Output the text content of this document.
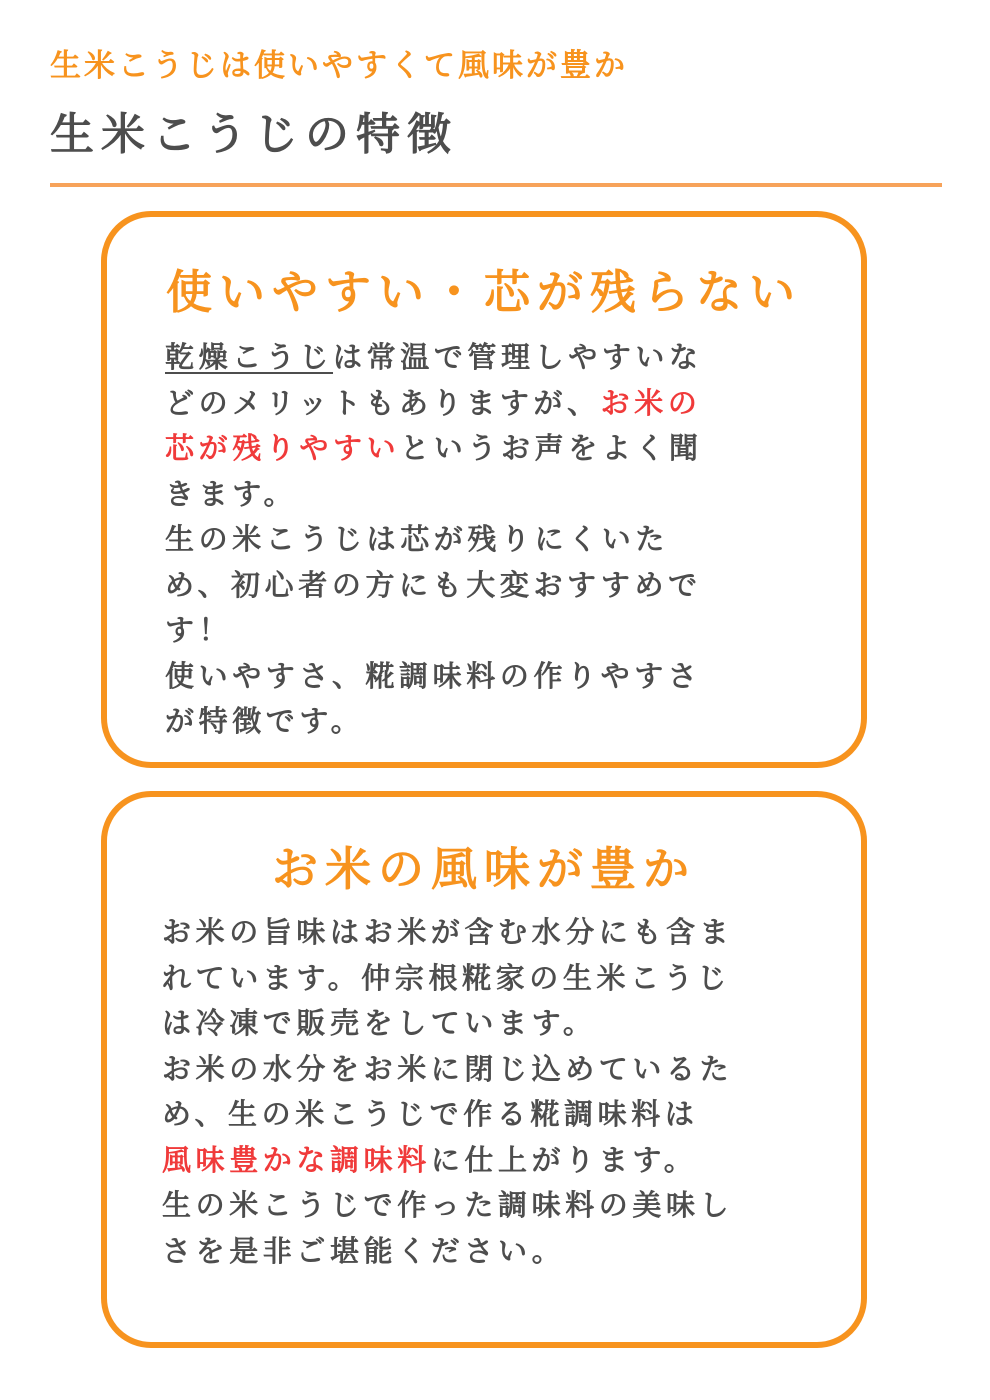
生米こうじは使いやすくて風味が豊か
生米こうじの特徴
使いやすい・芯が残らない
乾燥こうじは常温で管理しやすいな
どのメリットもありますが、お米の
芯が残りやすいというお声をよく聞
きます。
生の米こうじは芯が残りにくいた
め、初心者の方にも大変おすすめで
す！
使いやすさ、糀調味料の作りやすさ
が特徴です。
お米の風味が豊か
お米の旨味はお米が含む水分にも含ま
れています。仲宗根糀家の生米こうじ
は冷凍で販売をしています。
お米の水分をお米に閉じ込めているた
め、生の米こうじで作る糀調味料は
風味豊かな調味料に仕上がります。
生の米こうじで作った調味料の美味し
さを是非ご堪能ください。
